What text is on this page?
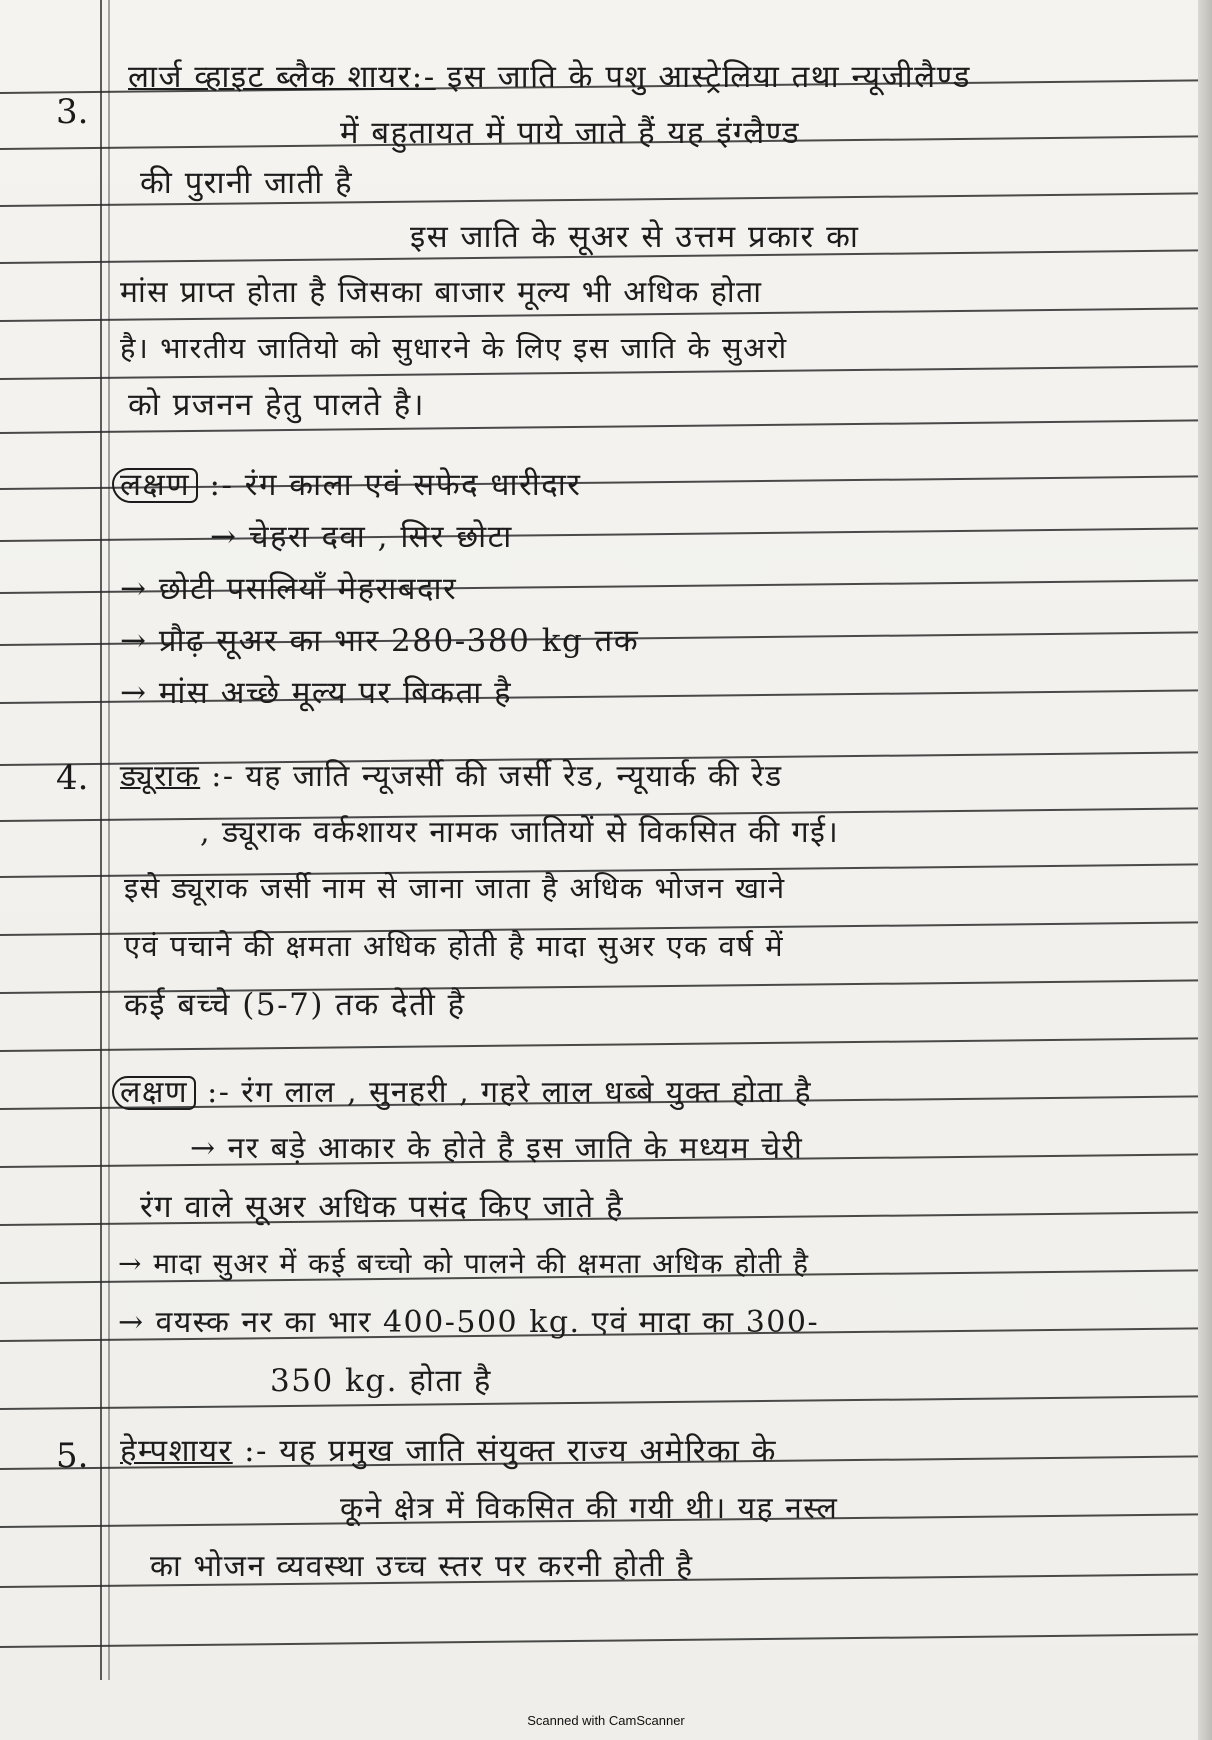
3.
लार्ज व्हाइट ब्लैक शायर:- इस जाति के पशु आस्ट्रेलिया तथा न्यूजीलैण्ड
में बहुतायत में पाये जाते हैं यह इंग्लैण्ड
की पुरानी जाती है
इस जाति के सूअर से उत्तम प्रकार का
मांस प्राप्त होता है जिसका बाजार मूल्य भी अधिक होता
है। भारतीय जातियो को सुधारने के लिए इस जाति के सुअरो
को प्रजनन हेतु पालते है।
लक्षण :- रंग काला एवं सफेद धारीदार
→ चेहरा दवा , सिर छोटा
→ छोटी पसलियाँ मेहराबदार
→ प्रौढ़ सूअर का भार 280-380 kg तक
→ मांस अच्छे मूल्य पर बिकता है
4. ड्यूराक :- यह जाति न्यूजर्सी की जर्सी रेड, न्यूयार्क की रेड
, ड्यूराक वर्कशायर नामक जातियों से विकसित की गई।
इसे ड्यूराक जर्सी नाम से जाना जाता है अधिक भोजन खाने
एवं पचाने की क्षमता अधिक होती है मादा सुअर एक वर्ष में
कई बच्चे (5-7) तक देती है
लक्षण :- रंग लाल , सुनहरी , गहरे लाल धब्बे युक्त होता है
→ नर बड़े आकार के होते है इस जाति के मध्यम चेरी
रंग वाले सूअर अधिक पसंद किए जाते है
→ मादा सुअर में कई बच्चो को पालने की क्षमता अधिक होती है
→ वयस्क नर का भार 400-500 kg. एवं मादा का 300-
350 kg. होता है
5. हेम्पशायर :- यह प्रमुख जाति संयुक्त राज्य अमेरिका के
कूने क्षेत्र में विकसित की गयी थी। यह नस्ल
का भोजन व्यवस्था उच्च स्तर पर करनी होती है
Scanned with CamScanner
